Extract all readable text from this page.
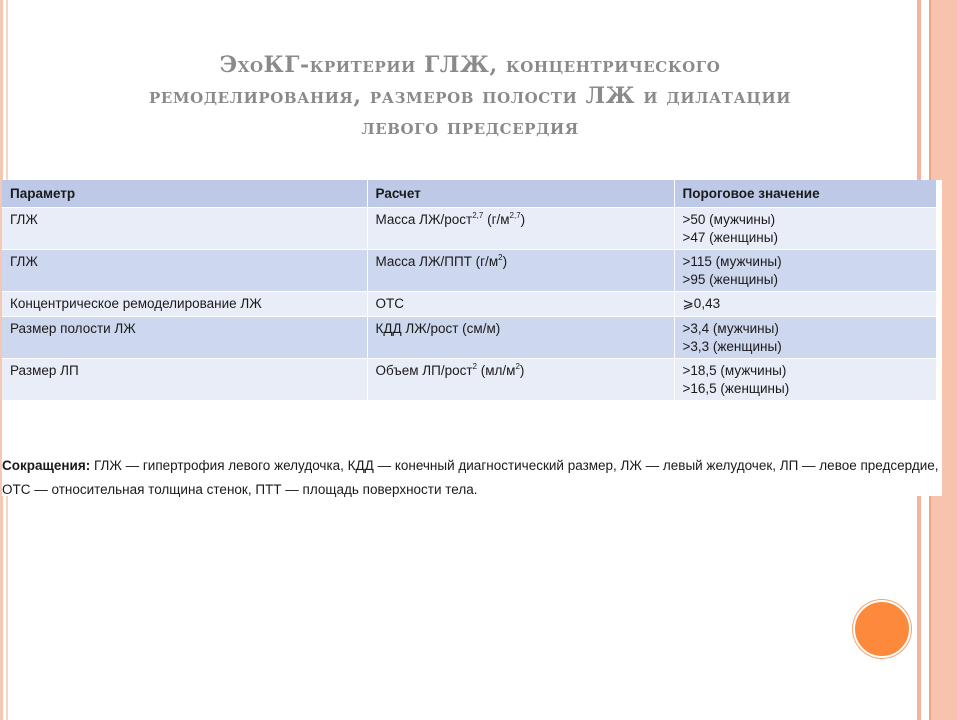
ЭхоКГ-критерии ГЛЖ, концентрического
ремоделирования, размеров полости ЛЖ и дилатации
левого предсердия
Параметр	Расчет	Пороговое значение
ГЛЖ	Масса ЛЖ/рост$^{2,7}$ $(г/м^{2,7})$	>50 (мужчины)
>47 (женщины)

ГЛЖ	Масса ЛЖ/ППТ $(г/м^2)$	>115 (мужчины)
>95 (женщины)

Концентрическое ремоделирование ЛЖ	ОТС	⩾0,43
Размер полости ЛЖ	КДД ЛЖ/рост (см/м)	>3,4 (мужчины)
>3,3 (женщины)

Размер ЛП	Объем ЛП/рост$^2$ $(мл/м^2)$	>18,5 (мужчины)
>16,5 (женщины)
Сокращения: ГЛЖ — гипертрофия левого желудочка, КДД — конечный диагностический размер, ЛЖ — левый желудочек, ЛП — левое предсердие, ОТС — относительная толщина стенок, ПТТ — площадь поверхности тела.
